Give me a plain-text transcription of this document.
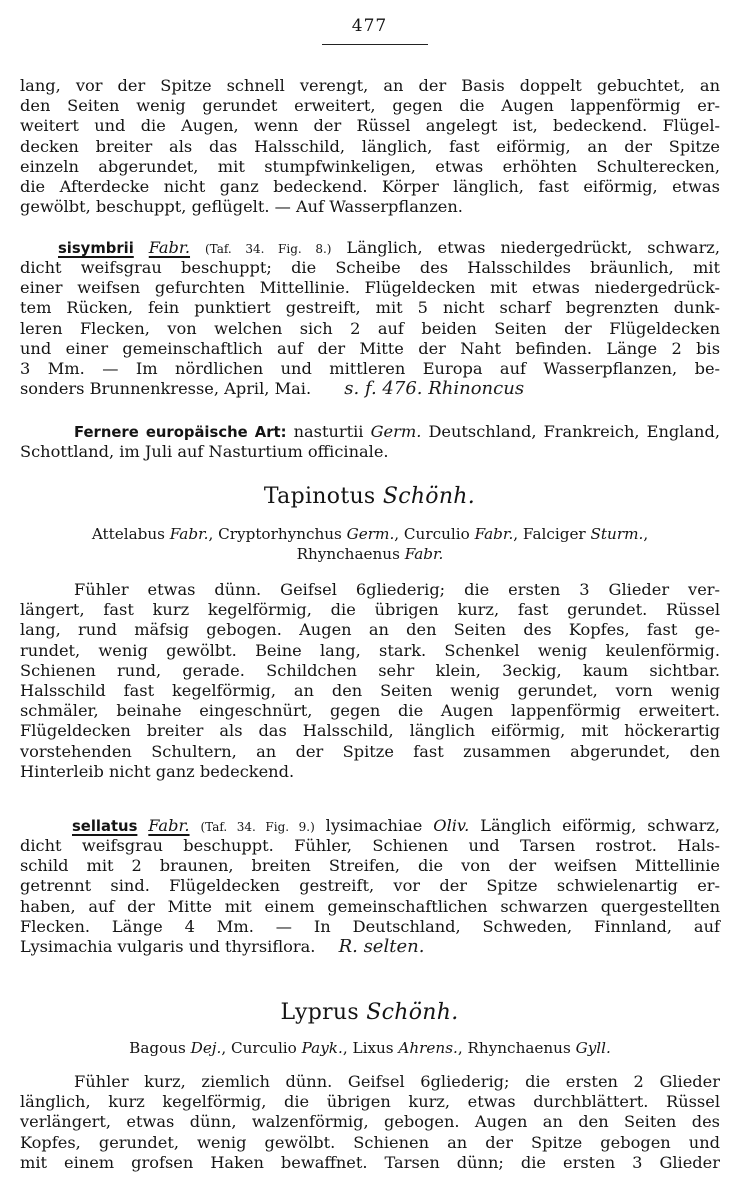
477
lang, vor der Spitze schnell verengt, an der Basis doppelt gebuchtet, an
den Seiten wenig gerundet erweitert, gegen die Augen lappenförmig er-
weitert und die Augen, wenn der Rüssel angelegt ist, bedeckend. Flügel-
decken breiter als das Halsschild, länglich, fast eiförmig, an der Spitze
einzeln abgerundet, mit stumpfwinkeligen, etwas erhöhten Schulterecken,
die Afterdecke nicht ganz bedeckend. Körper länglich, fast eiförmig, etwas
gewölbt, beschuppt, geflügelt. — Auf Wasserpflanzen.
sisymbrii Fabr. (Taf. 34. Fig. 8.) Länglich, etwas niedergedrückt, schwarz,
dicht weifsgrau beschuppt; die Scheibe des Halsschildes bräunlich, mit
einer weifsen gefurchten Mittellinie. Flügeldecken mit etwas niedergedrück-
tem Rücken, fein punktiert gestreift, mit 5 nicht scharf begrenzten dunk-
leren Flecken, von welchen sich 2 auf beiden Seiten der Flügeldecken
und einer gemeinschaftlich auf der Mitte der Naht befinden. Länge 2 bis
3 Mm. — Im nördlichen und mittleren Europa auf Wasserpflanzen, be-
sonders Brunnenkresse, April, Mai. s. f. 476. Rhinoncus
Fernere europäische Art: nasturtii Germ. Deutschland, Frankreich, England,
Schottland, im Juli auf Nasturtium officinale.
Tapinotus Schönh.
Attelabus Fabr., Cryptorhynchus Germ., Curculio Fabr., Falciger Sturm.,
Rhynchaenus Fabr.
Fühler etwas dünn. Geifsel 6gliederig; die ersten 3 Glieder ver-
längert, fast kurz kegelförmig, die übrigen kurz, fast gerundet. Rüssel
lang, rund mäfsig gebogen. Augen an den Seiten des Kopfes, fast ge-
rundet, wenig gewölbt. Beine lang, stark. Schenkel wenig keulenförmig.
Schienen rund, gerade. Schildchen sehr klein, 3eckig, kaum sichtbar.
Halsschild fast kegelförmig, an den Seiten wenig gerundet, vorn wenig
schmäler, beinahe eingeschnürt, gegen die Augen lappenförmig erweitert.
Flügeldecken breiter als das Halsschild, länglich eiförmig, mit höckerartig
vorstehenden Schultern, an der Spitze fast zusammen abgerundet, den
Hinterleib nicht ganz bedeckend.
sellatus Fabr. (Taf. 34. Fig. 9.) lysimachiae Oliv. Länglich eiförmig, schwarz,
dicht weifsgrau beschuppt. Fühler, Schienen und Tarsen rostrot. Hals-
schild mit 2 braunen, breiten Streifen, die von der weifsen Mittellinie
getrennt sind. Flügeldecken gestreift, vor der Spitze schwielenartig er-
haben, auf der Mitte mit einem gemeinschaftlichen schwarzen quergestellten
Flecken. Länge 4 Mm. — In Deutschland, Schweden, Finnland, auf
Lysimachia vulgaris und thyrsiflora. R. selten.
Lyprus Schönh.
Bagous Dej., Curculio Payk., Lixus Ahrens., Rhynchaenus Gyll.
Fühler kurz, ziemlich dünn. Geifsel 6gliederig; die ersten 2 Glieder
länglich, kurz kegelförmig, die übrigen kurz, etwas durchblättert. Rüssel
verlängert, etwas dünn, walzenförmig, gebogen. Augen an den Seiten des
Kopfes, gerundet, wenig gewölbt. Schienen an der Spitze gebogen und
mit einem grofsen Haken bewaffnet. Tarsen dünn; die ersten 3 Glieder
